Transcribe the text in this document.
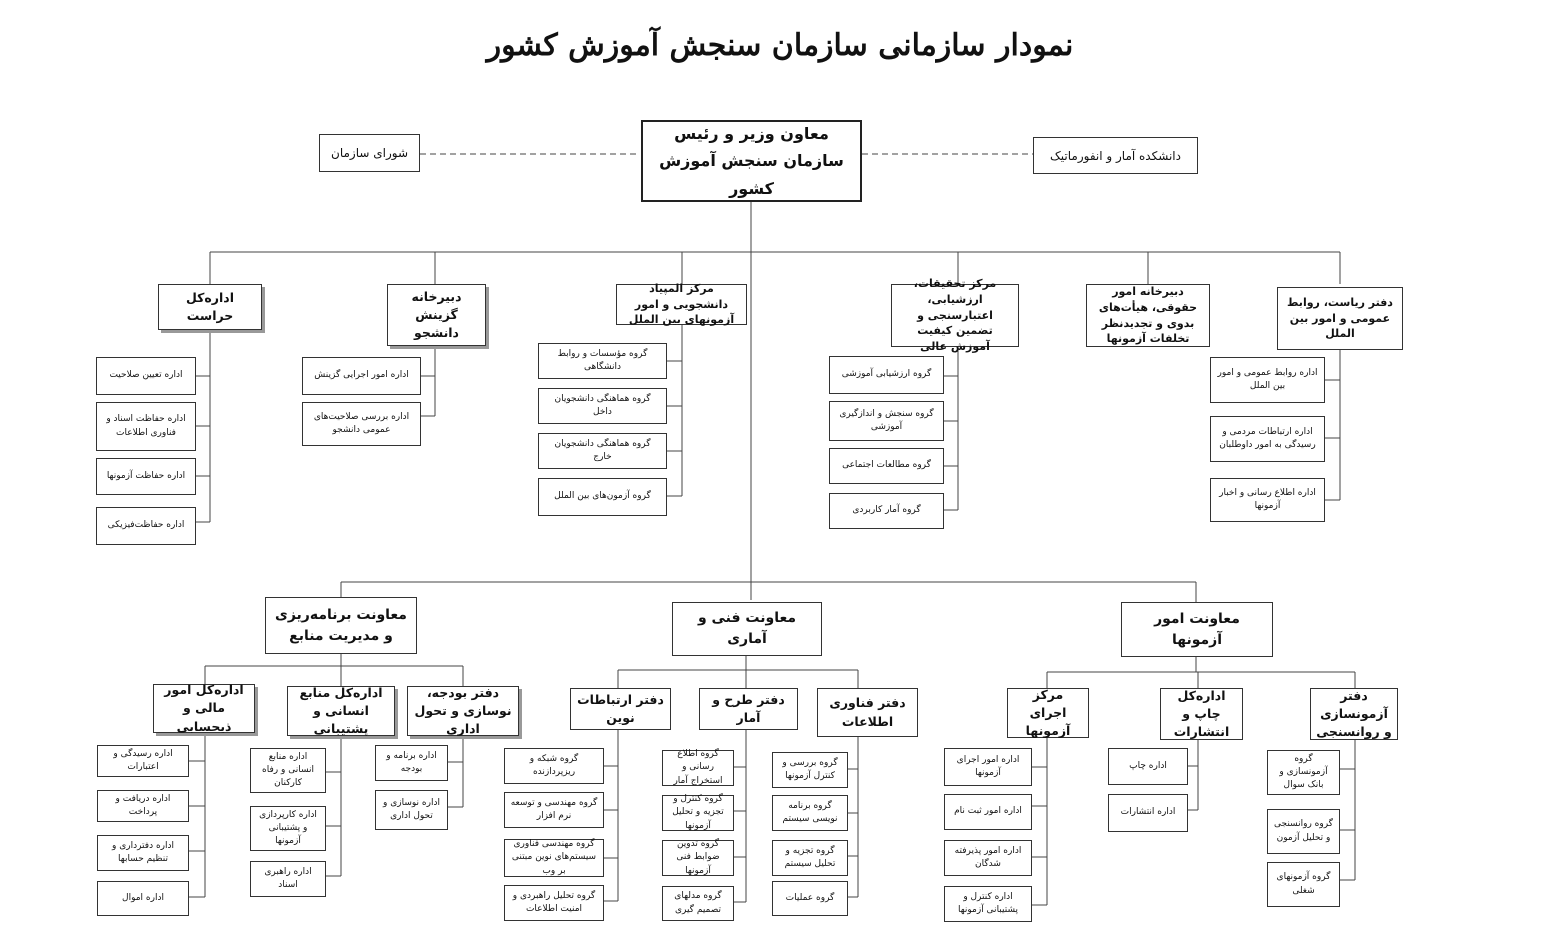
نمودار سازمانی سازمان سنجش آموزش کشور
معاون وزیر و رئیس سازمان سنجش آموزش کشور
شورای سازمان	دانشکده آمار و انفورماتیک
اداره‌کل حراست
اداره تعیین صلاحیت
اداره حفاظت اسناد و فناوری اطلاعات
اداره حفاظت آزمونها
اداره حفاظت‌فیزیکی
دبیرخانه گزینش دانشجو
اداره امور اجرایی گزینش
اداره بررسی صلاحیت‌های عمومی دانشجو
مرکز المپیاد دانشجویی و امور آزمونهای بین الملل
گروه مؤسسات و روابط دانشگاهی
گروه هماهنگی دانشجویان داخل
گروه هماهنگی دانشجویان خارج
گروه آزمون‌های بین الملل
مرکز تحقیقات، ارزشیابی، اعتبارسنجی و تضمین کیفیت آموزش عالی
گروه ارزشیابی آموزشی
گروه سنجش و اندازگیری آموزشی
گروه مطالعات اجتماعی
گروه آمار کاربردی
دبیرخانه امور حقوقی، هیأت‌های بدوی و تجدیدنظر تخلفات آزمونها
دفتر ریاست، روابط عمومی و امور بین الملل
اداره روابط عمومی و امور بین الملل
اداره ارتباطات مردمی و رسیدگی به امور داوطلبان
اداره اطلاع رسانی و اخبار آزمونها
معاونت برنامه‌ریزی و مدیریت منابع
معاونت فنی و آماری
معاونت امور آزمونها
اداره‌کل امور مالی و ذیحسابی
اداره رسیدگی و اعتبارات
اداره دریافت و پرداخت
اداره دفترداری و تنظیم حسابها
اداره اموال
اداره‌کل منابع انسانی و پشتیبانی
اداره منابع انسانی و رفاه کارکنان
اداره کارپردازی و پشتیبانی آزمونها
اداره راهبری اسناد
دفتر بودجه، نوسازی و تحول اداری
اداره برنامه و بودجه
اداره نوسازی و تحول اداری
دفتر ارتباطات نوین
گروه شبکه و ریزپردازنده
گروه مهندسی و توسعه نرم افزار
گروه مهندسی فناوری سیستم‌های نوین مبتنی بر وب
گروه تحلیل راهبردی و امنیت اطلاعات
دفتر طرح و آمار
گروه اطلاع رسانی و استخراج آمار
گروه کنترل و تجزیه و تحلیل آزمونها
گروه تدوین ضوابط فنی آزمونها
گروه مدلهای تصمیم گیری
دفتر فناوری اطلاعات
گروه بررسی و کنترل آزمونها
گروه برنامه نویسی سیستم
گروه تجزیه و تحلیل سیستم
گروه عملیات
مرکز اجرای آزمونها
اداره امور اجرای آزمونها
اداره امور ثبت نام
اداره امور پذیرفته شدگان
اداره کنترل و پشتیبانی آزمونها
اداره‌کل چاپ و انتشارات
اداره چاپ
اداره انتشارات
دفتر آزمونسازی و روانسنجی
گروه آزمونسازی و بانک سوال
گروه روانسنجی و تحلیل آزمون
گروه آزمونهای شغلی
